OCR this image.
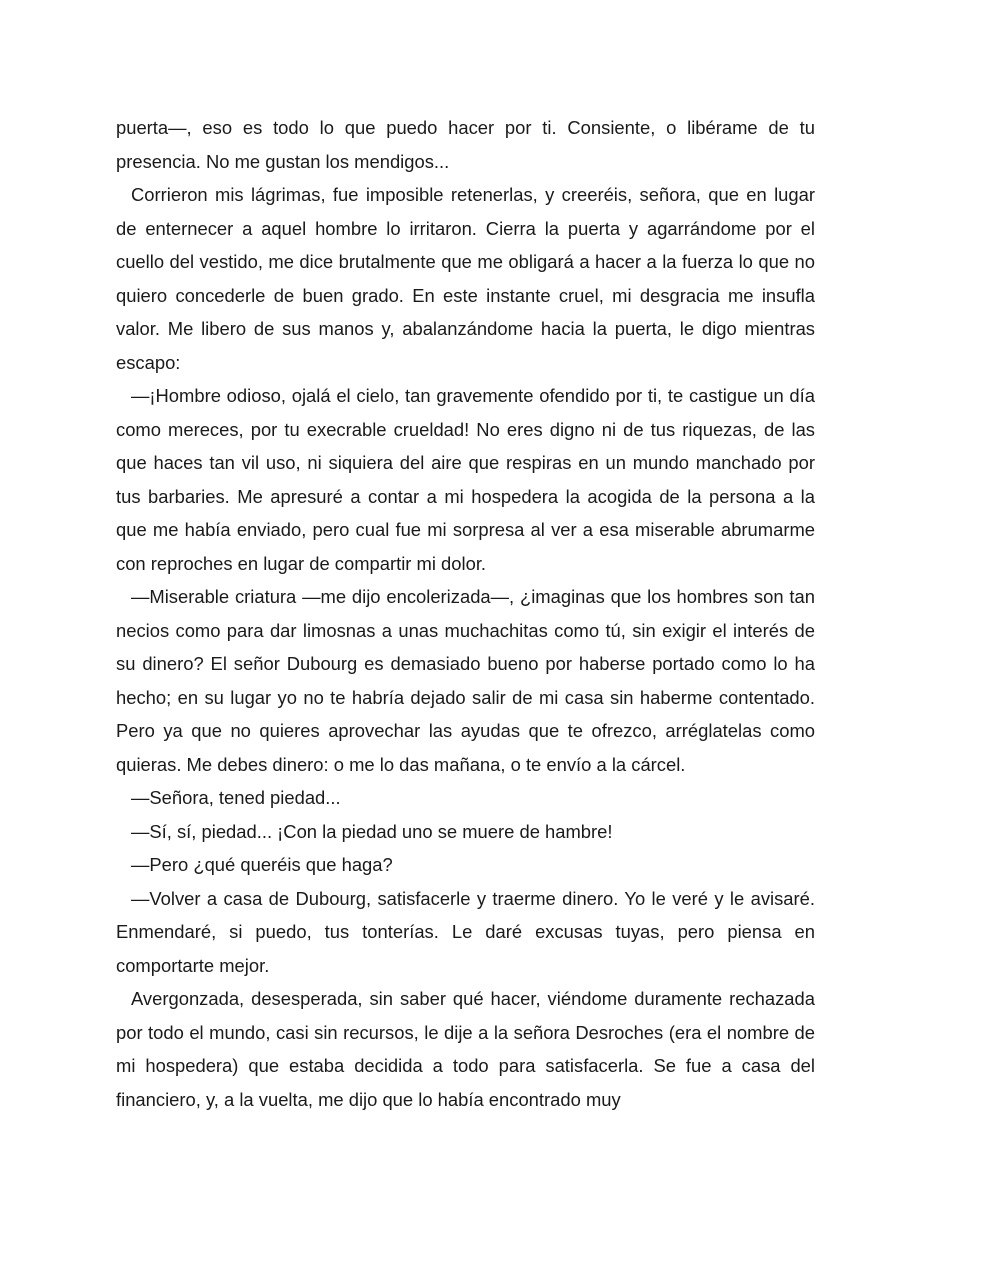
puerta—, eso es todo lo que puedo hacer por ti. Consiente, o libérame de tu presencia. No me gustan los mendigos...

Corrieron mis lágrimas, fue imposible retenerlas, y creeréis, señora, que en lugar de enternecer a aquel hombre lo irritaron. Cierra la puerta y agarrándome por el cuello del vestido, me dice brutalmente que me obligará a hacer a la fuerza lo que no quiero concederle de buen grado. En este instante cruel, mi desgracia me insufla valor. Me libero de sus manos y, abalanzándome hacia la puerta, le digo mientras escapo:

—¡Hombre odioso, ojalá el cielo, tan gravemente ofendido por ti, te castigue un día como mereces, por tu execrable crueldad! No eres digno ni de tus riquezas, de las que haces tan vil uso, ni siquiera del aire que respiras en un mundo manchado por tus barbaries. Me apresuré a contar a mi hospedera la acogida de la persona a la que me había enviado, pero cual fue mi sorpresa al ver a esa miserable abrumarme con reproches en lugar de compartir mi dolor.

—Miserable criatura —me dijo encolerizada—, ¿imaginas que los hombres son tan necios como para dar limosnas a unas muchachitas como tú, sin exigir el interés de su dinero? El señor Dubourg es demasiado bueno por haberse portado como lo ha hecho; en su lugar yo no te habría dejado salir de mi casa sin haberme contentado. Pero ya que no quieres aprovechar las ayudas que te ofrezco, arréglatelas como quieras. Me debes dinero: o me lo das mañana, o te envío a la cárcel.

—Señora, tened piedad...

—Sí, sí, piedad... ¡Con la piedad uno se muere de hambre!

—Pero ¿qué queréis que haga?

—Volver a casa de Dubourg, satisfacerle y traerme dinero. Yo le veré y le avisaré. Enmendaré, si puedo, tus tonterías. Le daré excusas tuyas, pero piensa en comportarte mejor.

Avergonzada, desesperada, sin saber qué hacer, viéndome duramente rechazada por todo el mundo, casi sin recursos, le dije a la señora Desroches (era el nombre de mi hospedera) que estaba decidida a todo para satisfacerla. Se fue a casa del financiero, y, a la vuelta, me dijo que lo había encontrado muy
